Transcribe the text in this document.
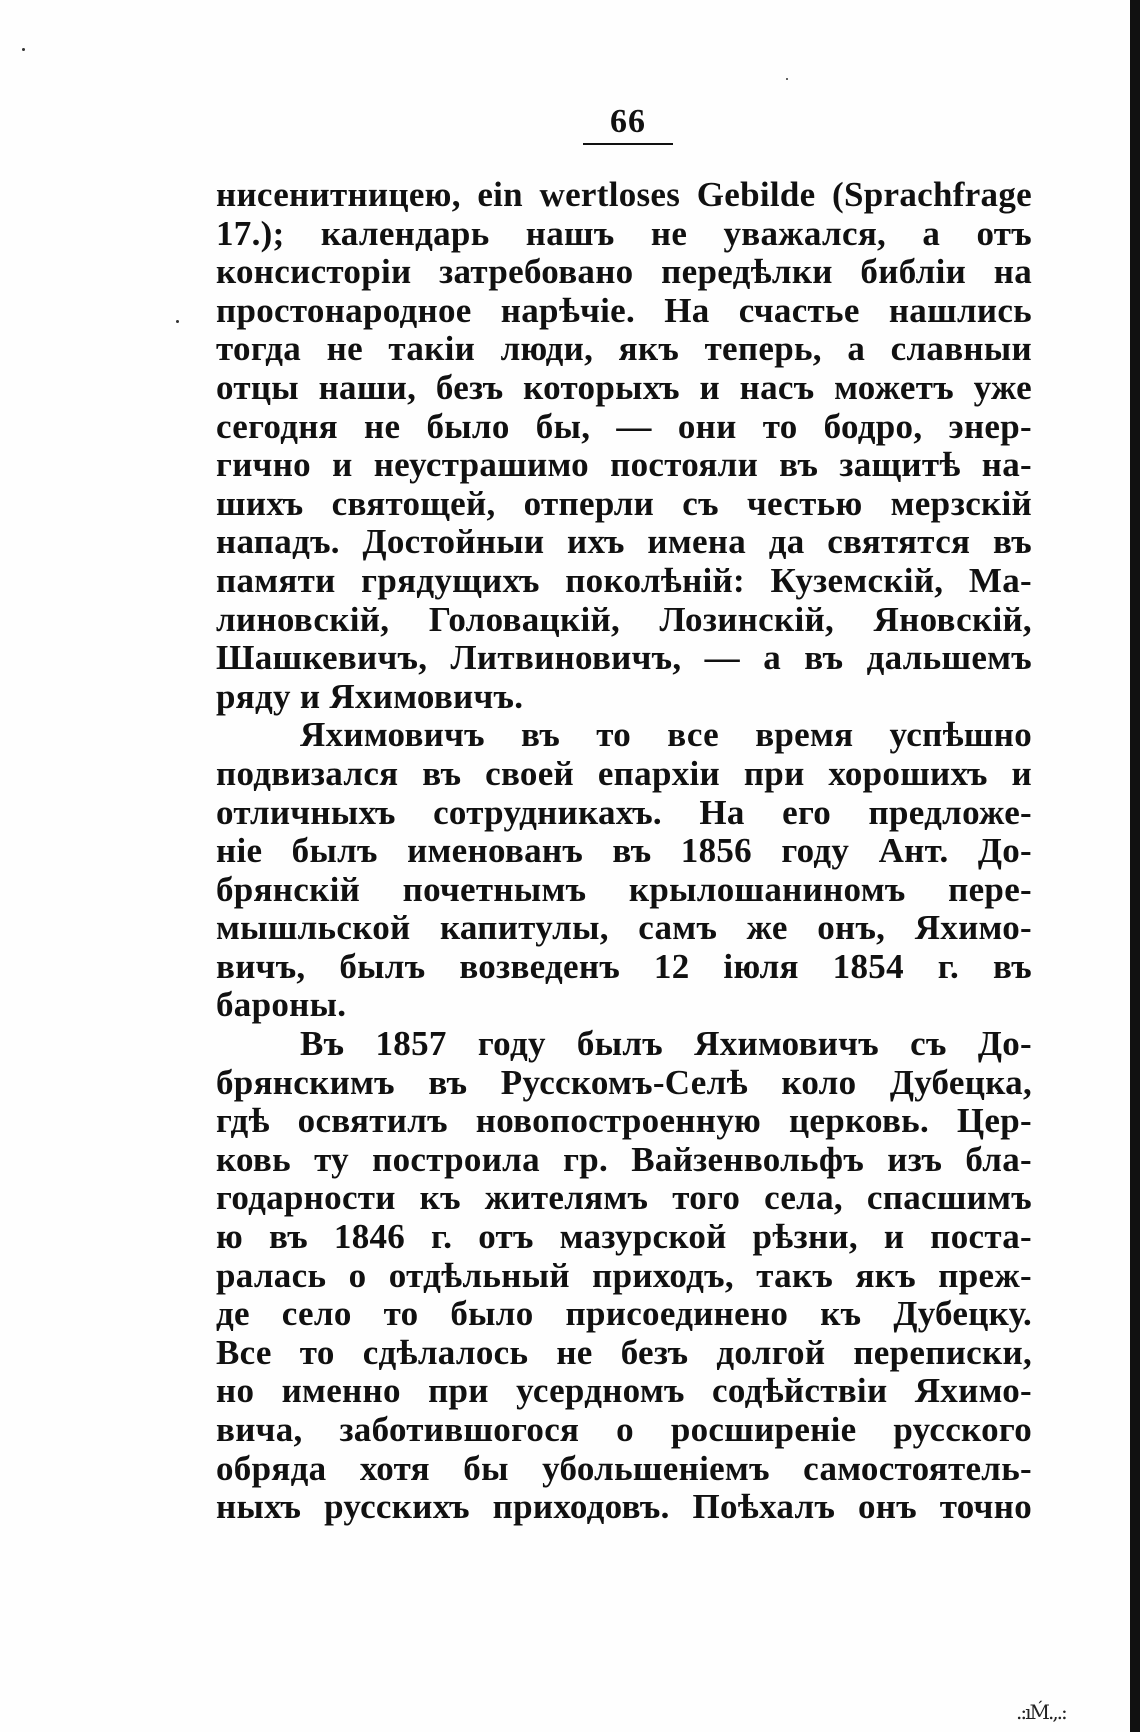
66
нисенитницею, ein wertloses Gebilde (Sprachfrage
17.); календарь нашъ не уважался, а отъ
консисторіи затребовано передѣлки библіи на
простонародное нарѣчіе. На счастье нашлись
тогда не такіи люди, якъ теперь, а славныи
отцы наши, безъ которыхъ и насъ можетъ уже
сегодня не было бы, — они то бодро, энер-
гично и неустрашимо постояли въ защитѣ на-
шихъ святощей, отперли съ честью мерзскій
нападъ. Достойныи ихъ имена да святятся въ
памяти грядущихъ поколѣній: Куземскій, Ма-
линовскій, Головацкій, Лозинскій, Яновскій,
Шашкевичъ, Литвиновичъ, — а въ дальшемъ
ряду и Яхимовичъ.
Яхимовичъ въ то все время успѣшно
подвизался въ своей епархіи при хорошихъ и
отличныхъ сотрудникахъ. На его предложе-
ніе былъ именованъ въ 1856 году Ант. До-
брянскій почетнымъ крылошаниномъ пере-
мышльской капитулы, самъ же онъ, Яхимо-
вичъ, былъ возведенъ 12 іюля 1854 г. въ
бароны.
Въ 1857 году былъ Яхимовичъ съ До-
брянскимъ въ Русскомъ-Селѣ коло Дубецка,
гдѣ освятилъ новопостроенную церковь. Цер-
ковь ту построила гр. Вайзенвольфъ изъ бла-
годарности къ жителямъ того села, спасшимъ
ю въ 1846 г. отъ мазурской рѣзни, и поста-
ралась о отдѣльный приходъ, такъ якъ преж-
де село то было присоединено къ Дубецку.
Все то сдѣлалось не безъ долгой переписки,
но именно при усердномъ содѣйствіи Яхимо-
вича, заботившогося о росширеніе русского
обряда хотя бы убольшеніемъ самостоятель-
ныхъ русскихъ приходовъ. Поѣхалъ онъ точно
.:ıḾ.,.:
